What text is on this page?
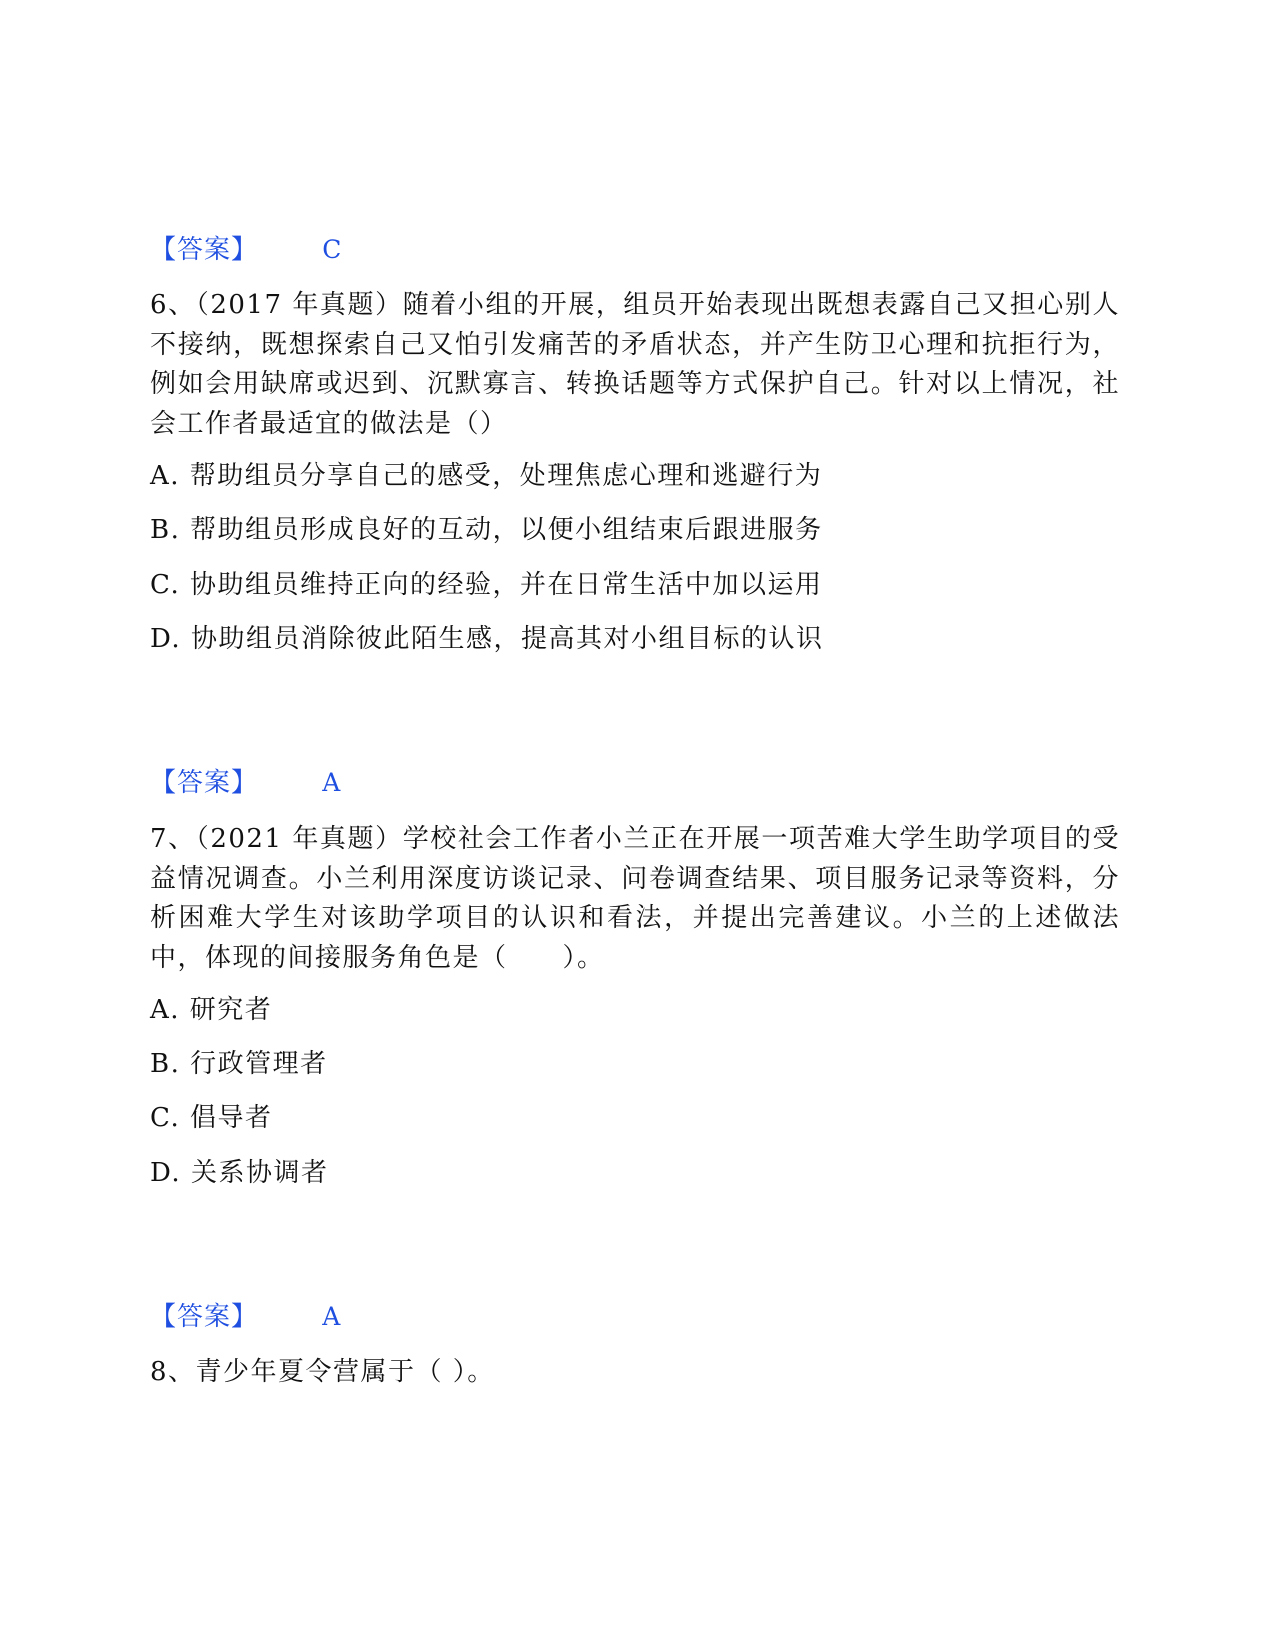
【答案】	C
6、（2017 年真题）随着小组的开展，组员开始表现出既想表露自己又担心别人不接纳，既想探索自己又怕引发痛苦的矛盾状态，并产生防卫心理和抗拒行为，例如会用缺席或迟到、沉默寡言、转换话题等方式保护自己。针对以上情况，社会工作者最适宜的做法是（）
A. 帮助组员分享自己的感受，处理焦虑心理和逃避行为
B. 帮助组员形成良好的互动，以便小组结束后跟进服务
C. 协助组员维持正向的经验，并在日常生活中加以运用
D. 协助组员消除彼此陌生感，提高其对小组目标的认识
【答案】	A
7、（2021 年真题）学校社会工作者小兰正在开展一项苦难大学生助学项目的受益情况调查。小兰利用深度访谈记录、问卷调查结果、项目服务记录等资料，分析困难大学生对该助学项目的认识和看法，并提出完善建议。小兰的上述做法中，体现的间接服务角色是（　　）。
A. 研究者
B. 行政管理者
C. 倡导者
D. 关系协调者
【答案】	A
8、青少年夏令营属于（ ）。
